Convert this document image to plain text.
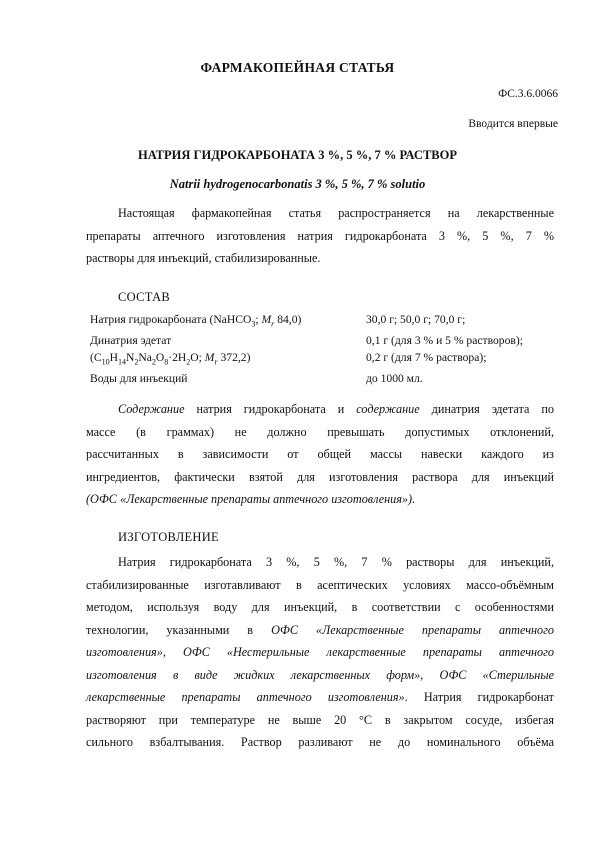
ФАРМАКОПЕЙНАЯ СТАТЬЯ
ФС.3.6.0066
Вводится впервые
НАТРИЯ ГИДРОКАРБОНАТА 3 %, 5 %, 7 % РАСТВОР
Natrii hydrogenocarbonatis 3 %, 5 %, 7 % solutio
Настоящая фармакопейная статья распространяется на лекарственные
препараты аптечного изготовления натрия гидрокарбоната 3 %, 5 %, 7 %
растворы для инъекций, стабилизированные.
СОСТАВ
Натрия гидрокарбоната (NaHCO$_3$; $M_r$ 84,0)	30,0 г; 50,0 г; 70,0 г;
Динатрия эдетат	0,1 г (для 3 % и 5 % растворов);
($C_{10}H_{14}N_2Na_2O_8\cdot 2H_2O$; $M_r$ 372,2)	0,2 г (для 7 % раствора);
Воды для инъекций	до 1000 мл.
Содержание натрия гидрокарбоната и содержание динатрия эдетата по
массе (в граммах) не должно превышать допустимых отклонений,
рассчитанных в зависимости от общей массы навески каждого из
ингредиентов, фактически взятой для изготовления раствора для инъекций
(ОФС «Лекарственные препараты аптечного изготовления»).
ИЗГОТОВЛЕНИЕ
Натрия гидрокарбоната 3 %, 5 %, 7 % растворы для инъекций,
стабилизированные изготавливают в асептических условиях массо-объёмным
методом, используя воду для инъекций, в соответствии с особенностями
технологии, указанными в ОФС «Лекарственные препараты аптечного
изготовления», ОФС «Нестерильные лекарственные препараты аптечного
изготовления в виде жидких лекарственных форм», ОФС «Стерильные
лекарственные препараты аптечного изготовления». Натрия гидрокарбонат
растворяют при температуре не выше 20 °С в закрытом сосуде, избегая
сильного взбалтывания. Раствор разливают не до номинального объёма
